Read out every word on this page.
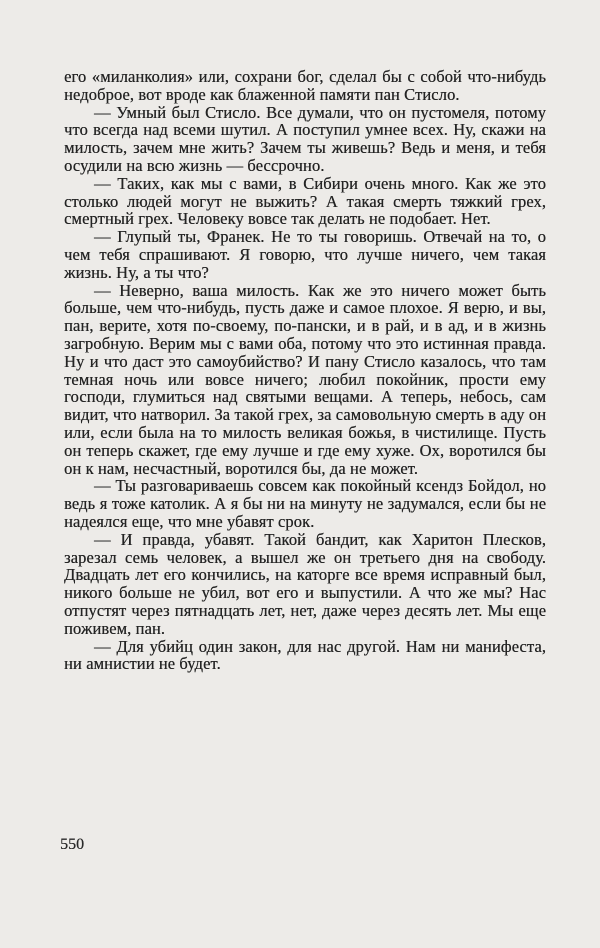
его «миланколия» или, сохрани бог, сделал бы с собой что-нибудь недоброе, вот вроде как блаженной памяти пан Стисло.

— Умный был Стисло. Все думали, что он пустомеля, потому что всегда над всеми шутил. А поступил умнее всех. Ну, скажи на милость, зачем мне жить? Зачем ты живешь? Ведь и меня, и тебя осудили на всю жизнь — бессрочно.

— Таких, как мы с вами, в Сибири очень много. Как же это столько людей могут не выжить? А такая смерть тяжкий грех, смертный грех. Человеку вовсе так делать не подобает. Нет.

— Глупый ты, Франек. Не то ты говоришь. Отвечай на то, о чем тебя спрашивают. Я говорю, что лучше ничего, чем такая жизнь. Ну, а ты что?

— Неверно, ваша милость. Как же это ничего может быть больше, чем что-нибудь, пусть даже и самое плохое. Я верю, и вы, пан, верите, хотя по-своему, по-пански, и в рай, и в ад, и в жизнь загробную. Верим мы с вами оба, потому что это истинная правда. Ну и что даст это самоубийство? И пану Стисло казалось, что там темная ночь или вовсе ничего; любил покойник, прости ему господи, глумиться над святыми вещами. А теперь, небось, сам видит, что натворил. За такой грех, за самовольную смерть в аду он или, если была на то милость великая божья, в чистилище. Пусть он теперь скажет, где ему лучше и где ему хуже. Ох, воротился бы он к нам, несчастный, воротился бы, да не может.

— Ты разговариваешь совсем как покойный ксендз Бойдол, но ведь я тоже католик. А я бы ни на минуту не задумался, если бы не надеялся еще, что мне убавят срок.

— И правда, убавят. Такой бандит, как Харитон Плесков, зарезал семь человек, а вышел же он третьего дня на свободу. Двадцать лет его кончились, на каторге все время исправный был, никого больше не убил, вот его и выпустили. А что же мы? Нас отпустят через пятнадцать лет, нет, даже через десять лет. Мы еще поживем, пан.

— Для убийц один закон, для нас другой. Нам ни манифеста, ни амнистии не будет.

550
